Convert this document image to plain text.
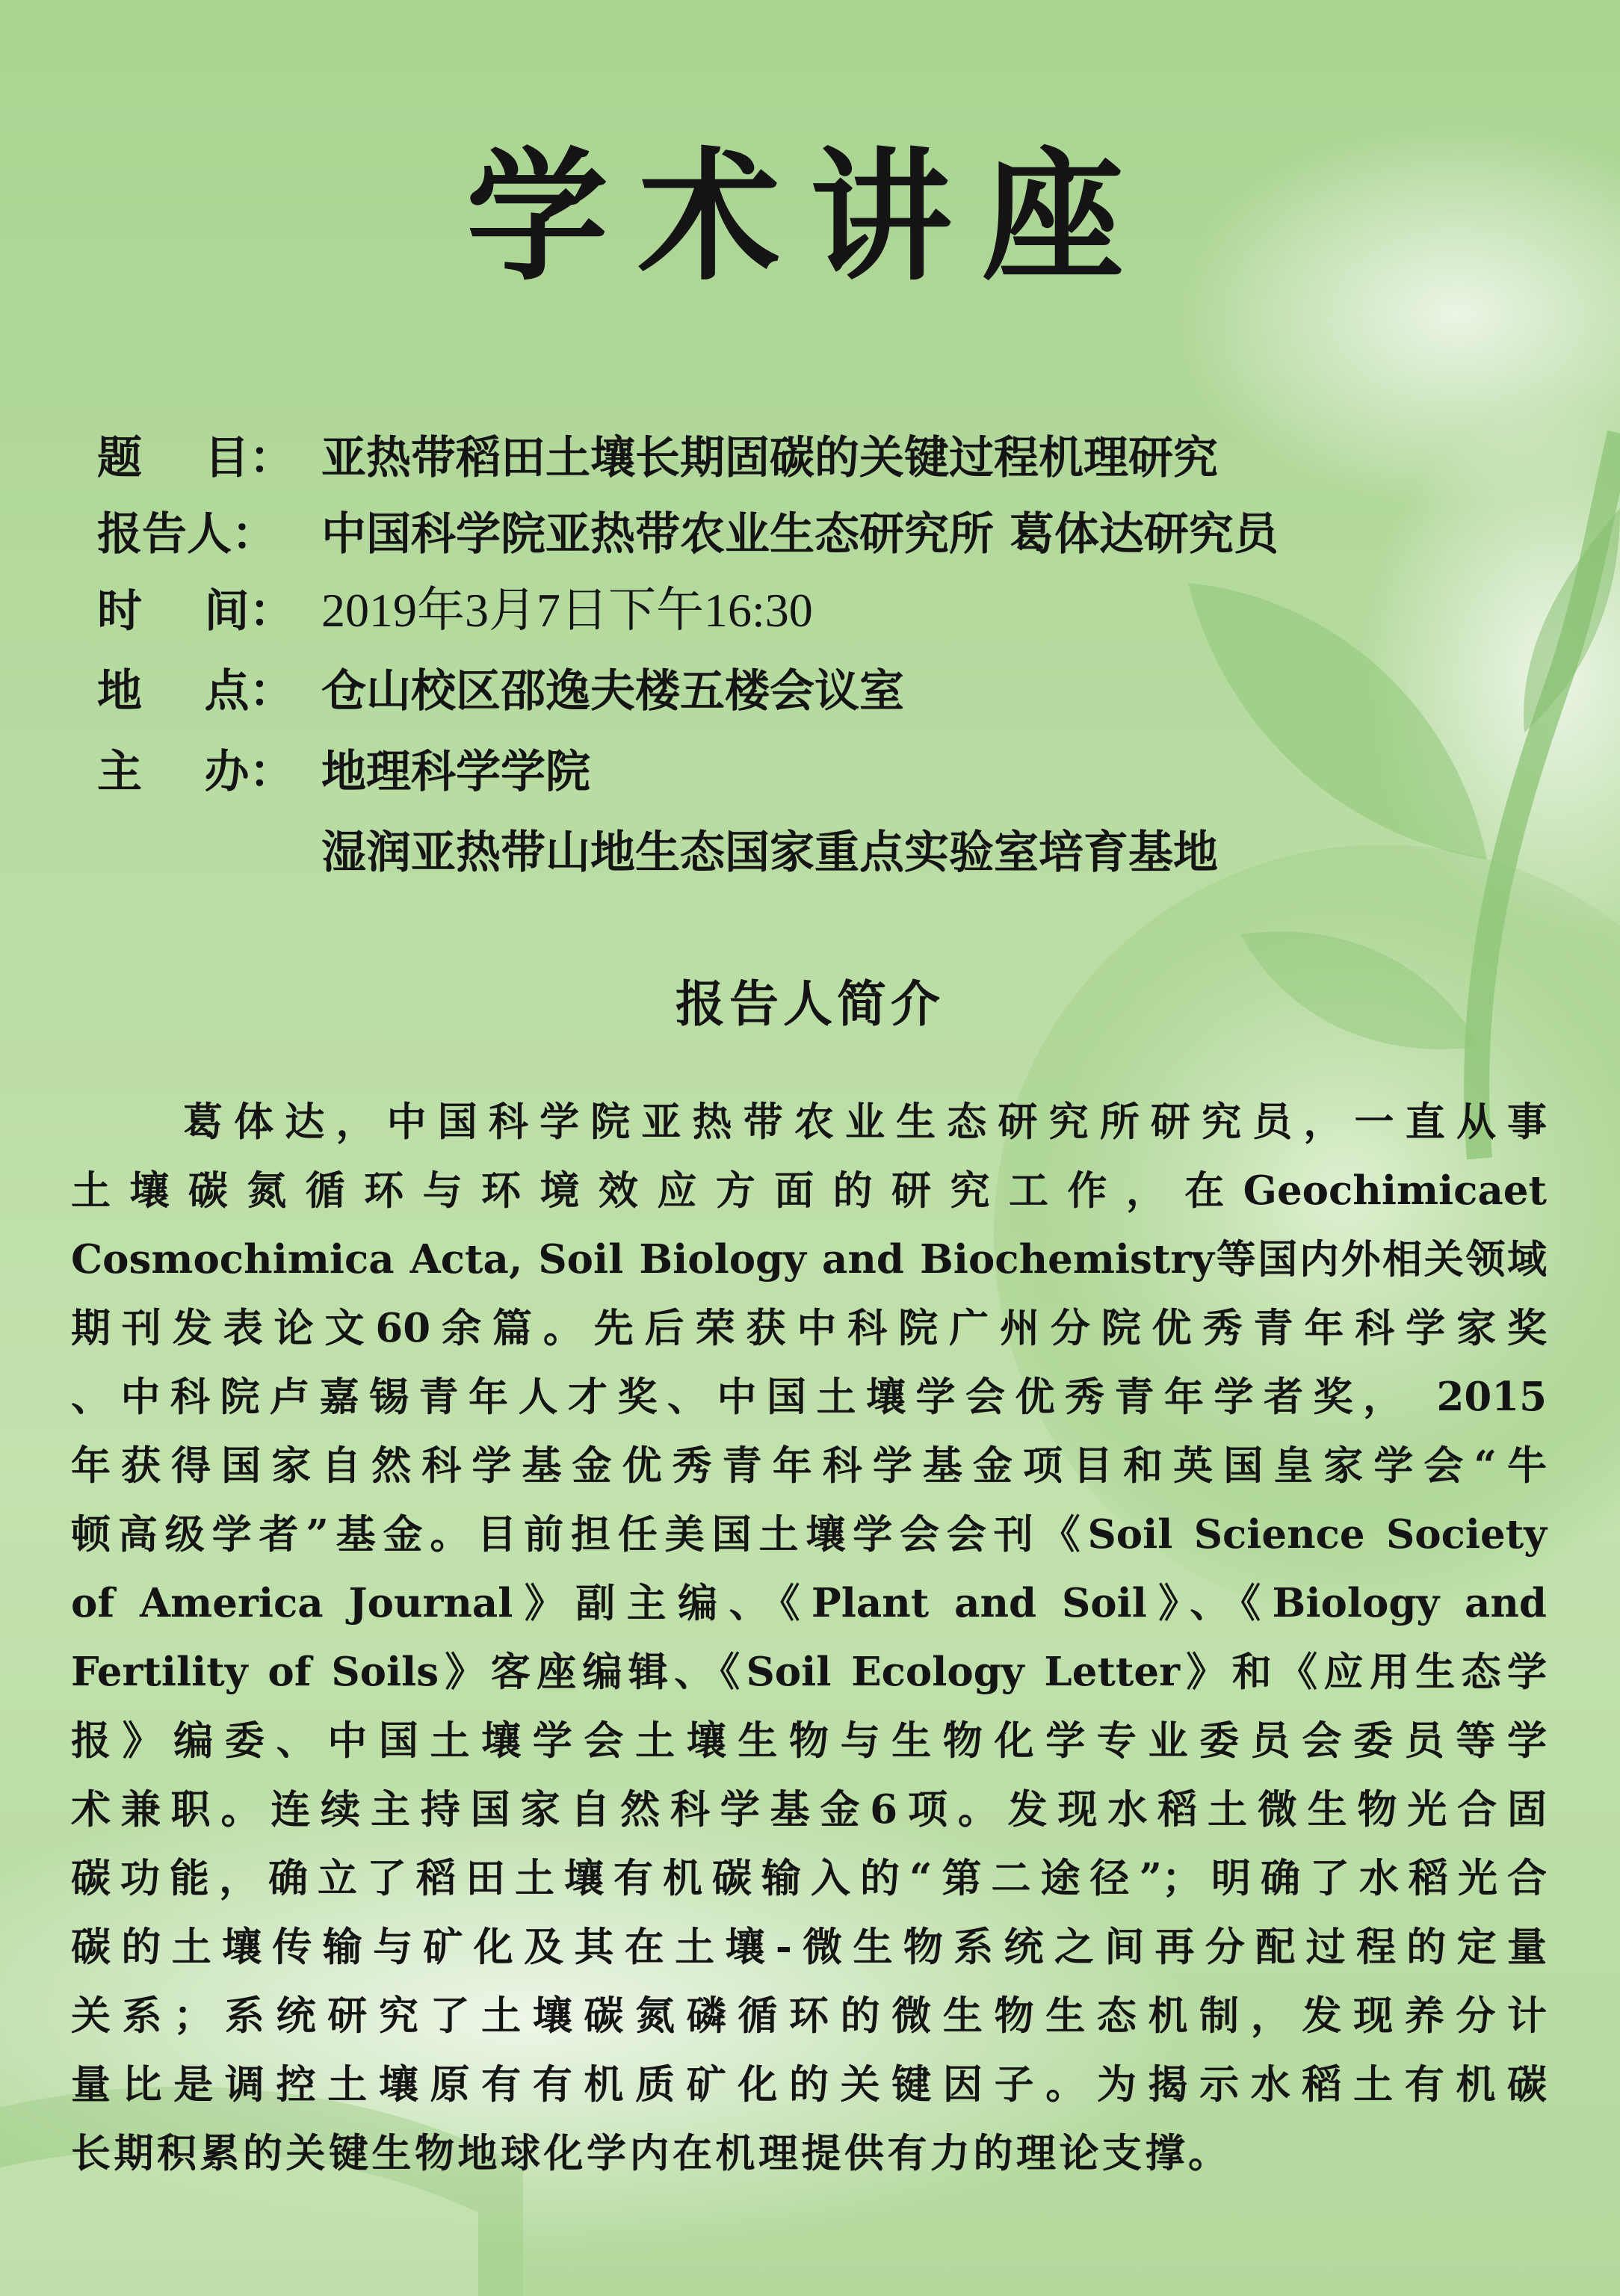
学术讲座
题    目： 亚热带稻田土壤长期固碳的关键过程机理研究
报告人： 中国科学院亚热带农业生态研究所 葛体达研究员
时    间： 2019年3月7日下午16:30
地    点： 仓山校区邵逸夫楼五楼会议室
主    办： 地理科学学院
湿润亚热带山地生态国家重点实验室培育基地
报告人简介
葛体达，中国科学院亚热带农业生态研究所研究员，一直从事
土壤碳氮循环与环境效应方面的研究工作，在Geochimicaet
Cosmochimica Acta, Soil Biology and Biochemistry等国内外相关领域
期刊发表论文60余篇。先后荣获中科院广州分院优秀青年科学家奖
、中科院卢嘉锡青年人才奖、中国土壤学会优秀青年学者奖， 2015
年获得国家自然科学基金优秀青年科学基金项目和英国皇家学会“牛
顿高级学者”基金。目前担任美国土壤学会会刊《Soil Science Society
of America Journal》副主编、《Plant and Soil》、《Biology and
Fertility of Soils》客座编辑、《Soil Ecology Letter》和《应用生态学
报》编委、中国土壤学会土壤生物与生物化学专业委员会委员等学
术兼职。连续主持国家自然科学基金6项。发现水稻土微生物光合固
碳功能，确立了稻田土壤有机碳输入的“第二途径”；明确了水稻光合
碳的土壤传输与矿化及其在土壤-微生物系统之间再分配过程的定量
关系；系统研究了土壤碳氮磷循环的微生物生态机制，发现养分计
量比是调控土壤原有有机质矿化的关键因子。为揭示水稻土有机碳
长期积累的关键生物地球化学内在机理提供有力的理论支撑。
